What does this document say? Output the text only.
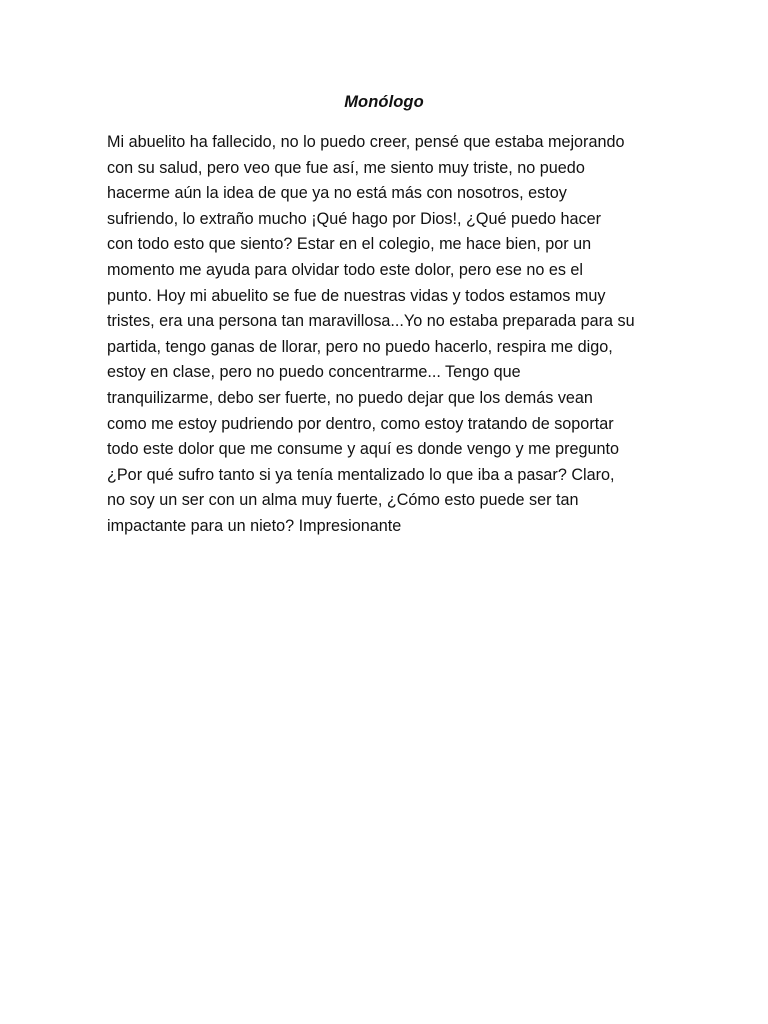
Monólogo

Mi abuelito ha fallecido, no lo puedo creer, pensé que estaba mejorando
con su salud, pero veo que fue así, me siento muy triste, no puedo
hacerme aún la idea de que ya no está más con nosotros, estoy
sufriendo, lo extraño mucho ¡Qué hago por Dios!, ¿Qué puedo hacer
con todo esto que siento? Estar en el colegio, me hace bien, por un
momento me ayuda para olvidar todo este dolor, pero ese no es el
punto. Hoy mi abuelito se fue de nuestras vidas y todos estamos muy
tristes, era una persona tan maravillosa...Yo no estaba preparada para su
partida, tengo ganas de llorar, pero no puedo hacerlo, respira me digo,
estoy en clase, pero no puedo concentrarme... Tengo que
tranquilizarme, debo ser fuerte, no puedo dejar que los demás vean
como me estoy pudriendo por dentro, como estoy tratando de soportar
todo este dolor que me consume y aquí es donde vengo y me pregunto
¿Por qué sufro tanto si ya tenía mentalizado lo que iba a pasar? Claro,
no soy un ser con un alma muy fuerte, ¿Cómo esto puede ser tan
impactante para un nieto? Impresionante
